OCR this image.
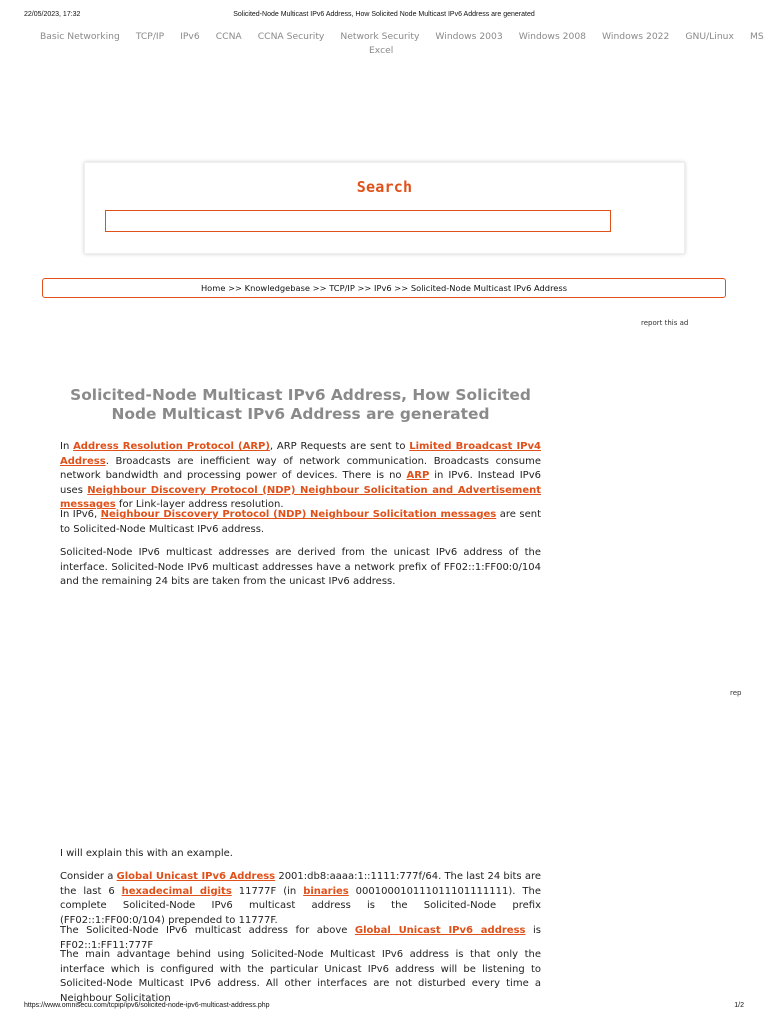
22/05/2023, 17:32	Solicited-Node Multicast IPv6 Address, How Solicited Node Multicast IPv6 Address are generated
Basic Networking TCP/IP IPv6 CCNA CCNA Security Network Security Windows 2003 Windows 2008 Windows 2022 GNU/Linux MS
Excel
Search
Home >> Knowledgebase >> TCP/IP >> IPv6 >> Solicited-Node Multicast IPv6 Address
report this ad
Solicited-Node Multicast IPv6 Address, How Solicited Node Multicast IPv6 Address are generated

In Address Resolution Protocol (ARP), ARP Requests are sent to Limited Broadcast IPv4 Address. Broadcasts are inefficient way of network communication. Broadcasts consume network bandwidth and processing power of devices. There is no ARP in IPv6. Instead IPv6 uses Neighbour Discovery Protocol (NDP) Neighbour Solicitation and Advertisement messages for Link-layer address resolution.

In IPv6, Neighbour Discovery Protocol (NDP) Neighbour Solicitation messages are sent to Solicited-Node Multicast IPv6 address.

Solicited-Node IPv6 multicast addresses are derived from the unicast IPv6 address of the interface. Solicited-Node IPv6 multicast addresses have a network prefix of FF02::1:FF00:0/104 and the remaining 24 bits are taken from the unicast IPv6 address.

rep

I will explain this with an example.

Consider a Global Unicast IPv6 Address 2001:db8:aaaa:1::1111:777f/64. The last 24 bits are the last 6 hexadecimal digits 11777F (in binaries 000100010111011101111111). The complete Solicited-Node IPv6 multicast address is the Solicited-Node prefix (FF02::1:FF00:0/104) prepended to 11777F.

The Solicited-Node IPv6 multicast address for above Global Unicast IPv6 address is FF02::1:FF11:777F

The main advantage behind using Solicited-Node Multicast IPv6 address is that only the interface which is configured with the particular Unicast IPv6 address will be listening to Solicited-Node Multicast IPv6 address. All other interfaces are not disturbed every time a Neighbour Solicitation

https://www.omnisecu.com/tcpip/ipv6/solicited-node-ipv6-multicast-address.php	1/2
